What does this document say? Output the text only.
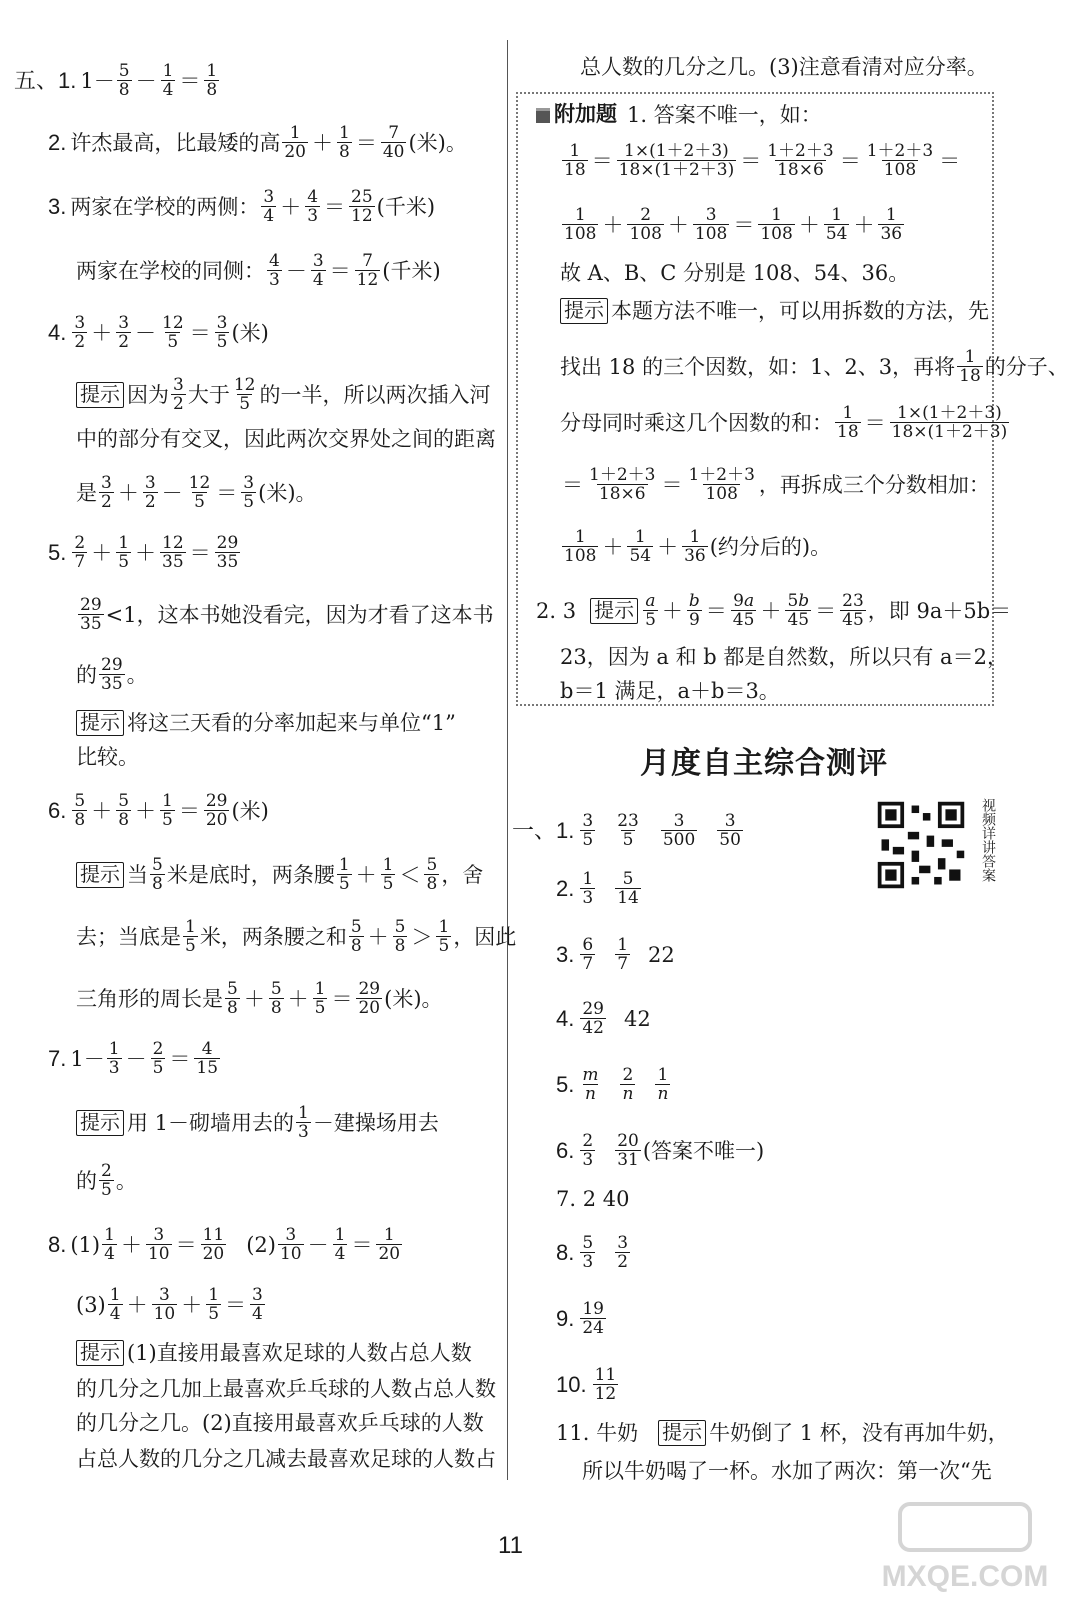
五、1. $1- \frac{5}{8} - \frac{1}{4} = \frac{1}{8}$
2. 许杰最高，比最矮的高 $\frac{1}{20} + \frac{1}{8} = \frac{7}{40}$ (米)。
3. 两家在学校的两侧： $\frac{3}{4} + \frac{4}{3} = \frac{25}{12}$ (千米)
两家在学校的同侧： $\frac{4}{3} - \frac{3}{4} = \frac{7}{12}$ (千米)
4. $\frac{3}{2} + \frac{3}{2} - \frac{12}{5} = \frac{3}{5}$ (米)
提示 因为 $\frac{3}{2}$ 大于 $\frac{12}{5}$ 的一半，所以两次插入河
中的部分有交叉，因此两次交界处之间的距离
是 $\frac{3}{2} + \frac{3}{2} - \frac{12}{5} = \frac{3}{5}$ (米)。
5. $\frac{2}{7} + \frac{1}{5} + \frac{12}{35} = \frac{29}{35}$
$\frac{29}{35} <1$，这本书她没看完，因为才看了这本书
的 $\frac{29}{35}$ 。
提示 将这三天看的分率加起来与单位“1”
比较。
6. $\frac{5}{8} + \frac{5}{8} + \frac{1}{5} = \frac{29}{20}$ (米)
提示 当 $\frac{5}{8}$ 米是底时，两条腰 $\frac{1}{5} + \frac{1}{5} < \frac{5}{8}$ ，舍
去；当底是 $\frac{1}{5}$ 米，两条腰之和 $\frac{5}{8} + \frac{5}{8} > \frac{1}{5}$ ，因此
三角形的周长是 $\frac{5}{8} + \frac{5}{8} + \frac{1}{5} = \frac{29}{20}$ (米)。
7. $1- \frac{1}{3} - \frac{2}{5} = \frac{4}{15}$
提示 用 1－砌墙用去的 $\frac{1}{3}$ －建操场用去
的 $\frac{2}{5}$ 。
8. $(1) \frac{1}{4} + \frac{3}{10} = \frac{11}{20} (2) \frac{3}{10} - \frac{1}{4} = \frac{1}{20}$
$(3) \frac{1}{4} + \frac{3}{10} + \frac{1}{5} = \frac{3}{4}$
提示 (1)直接用最喜欢足球的人数占总人数
的几分之几加上最喜欢乒乓球的人数占总人数
的几分之几。(2)直接用最喜欢乒乓球的人数
占总人数的几分之几减去最喜欢足球的人数占
总人数的几分之几。(3)注意看清对应分率。
附加题 1. 答案不唯一，如：
$\frac{1}{18} = \frac{1\times(1+2+3)}{18\times(1+2+3)} = \frac{1+2+3}{18\times 6} = \frac{1+2+3}{108}$ ＝
$\frac{1}{108} + \frac{2}{108} + \frac{3}{108} = \frac{1}{108} + \frac{1}{54} + \frac{1}{36}$
故 A、B、C 分别是 108、54、36。
提示 本题方法不唯一，可以用拆数的方法，先
找出 18 的三个因数，如：1、2、3，再将 $\frac{1}{18}$ 的分子、
分母同时乘这几个因数的和： $\frac{1}{18} = \frac{1\times(1+2+3)}{18\times(1+2+3)}$
＝ $\frac{1+2+3}{18\times 6} = \frac{1+2+3}{108}$ ，再拆成三个分数相加：
$\frac{1}{108} + \frac{1}{54} + \frac{1}{36}$ (约分后的)。
2. 3 提示 $\frac{a}{5} + \frac{b}{9} = \frac{9a}{45} + \frac{5b}{45} = \frac{23}{45}$ ，即 9a＋5b＝
23，因为 a 和 b 都是自然数，所以只有 a＝2，
b＝1 满足，a＋b＝3。
月度自主综合测评
视频详讲答案
一、1. $\frac{3}{5} \frac{23}{5} \frac{3}{500} \frac{3}{50}$
2. $\frac{1}{3} \frac{5}{14}$
3. $\frac{6}{7} \frac{1}{7} 22$
4. $\frac{29}{42} 42$
5. $\frac{m}{n} \frac{2}{n} \frac{1}{n}$
6. $\frac{2}{3} \frac{20}{31}$ (答案不唯一)
7. 2 40
8. $\frac{5}{3} \frac{3}{2}$
9. $\frac{19}{24}$
10. $\frac{11}{12}$
11. 牛奶 提示 牛奶倒了 1 杯，没有再加牛奶，
所以牛奶喝了一杯。水加了两次：第一次“先
11
MXQE.COM
